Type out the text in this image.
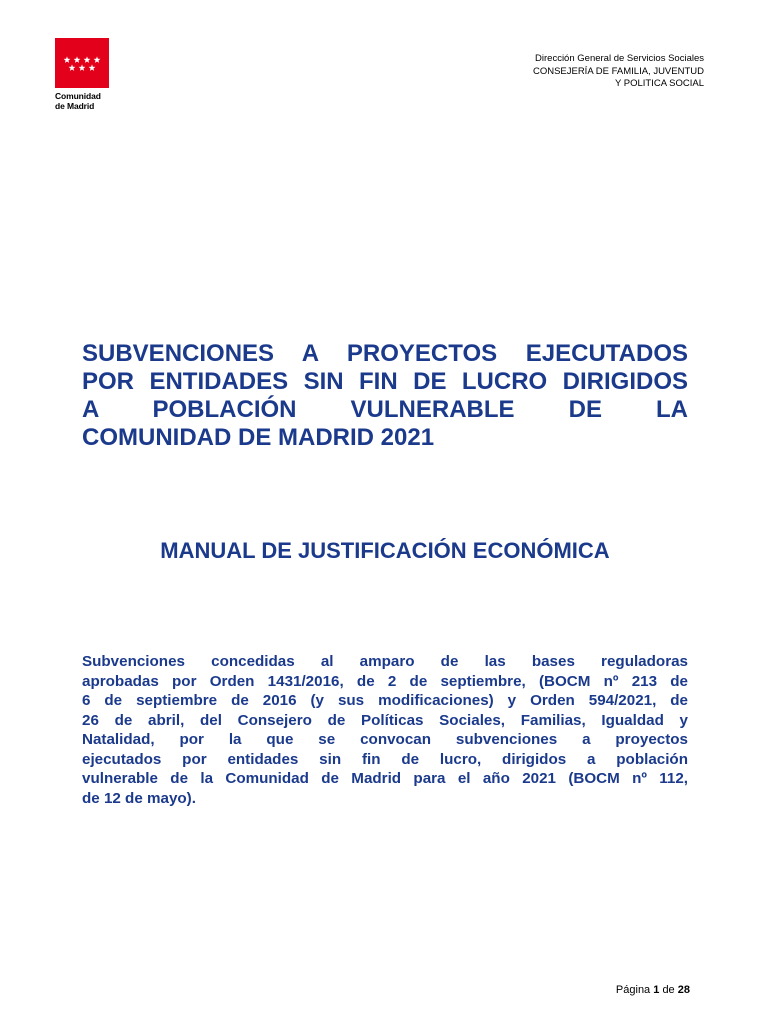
Comunidad
de Madrid
Dirección General de Servicios Sociales
CONSEJERÍA DE FAMILIA, JUVENTUD
Y POLITICA SOCIAL
SUBVENCIONES A PROYECTOS EJECUTADOS
POR ENTIDADES SIN FIN DE LUCRO DIRIGIDOS
A POBLACIÓN VULNERABLE DE LA
COMUNIDAD DE MADRID 2021
MANUAL DE JUSTIFICACIÓN ECONÓMICA

Subvenciones concedidas al amparo de las bases reguladoras
aprobadas por Orden 1431/2016, de 2 de septiembre, (BOCM nº 213 de
6 de septiembre de 2016 (y sus modificaciones) y Orden 594/2021, de
26 de abril, del Consejero de Políticas Sociales, Familias, Igualdad y
Natalidad, por la que se convocan subvenciones a proyectos
ejecutados por entidades sin fin de lucro, dirigidos a población
vulnerable de la Comunidad de Madrid para el año 2021 (BOCM nº 112,
de 12 de mayo).

Página 1 de 28
